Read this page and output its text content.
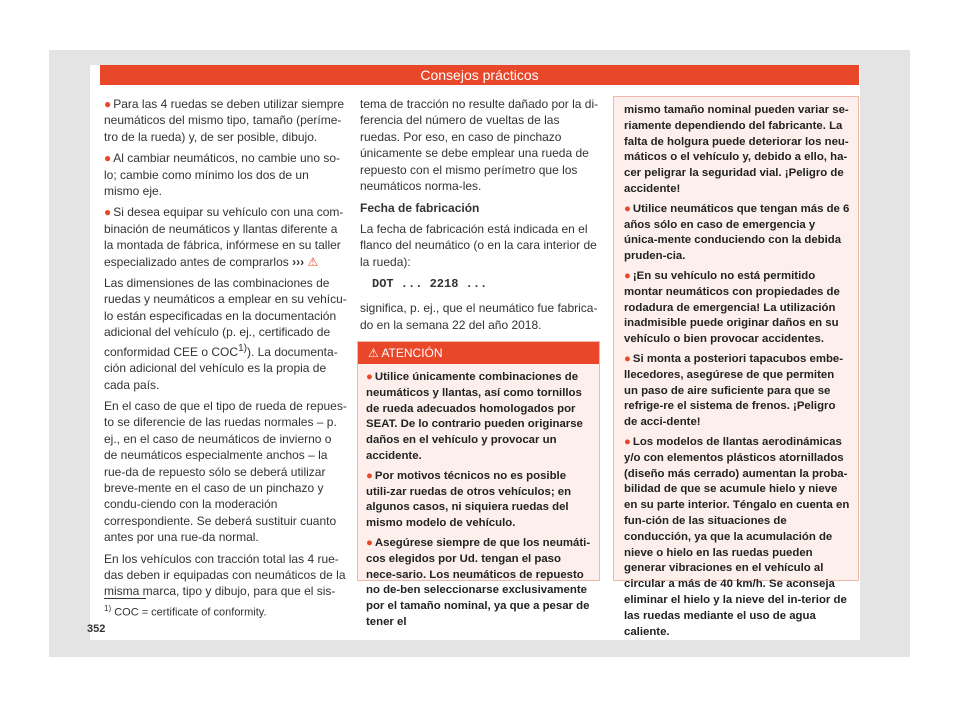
Consejos prácticos

● Para las 4 ruedas se deben utilizar siempre neumáticos del mismo tipo, tamaño (períme-tro de la rueda) y, de ser posible, dibujo.

● Al cambiar neumáticos, no cambie uno so-lo; cambie como mínimo los dos de un mismo eje.

● Si desea equipar su vehículo con una com-binación de neumáticos y llantas diferente a la montada de fábrica, infórmese en su taller especializado antes de comprarlos ››› ⚠

Las dimensiones de las combinaciones de ruedas y neumáticos a emplear en su vehícu-lo están especificadas en la documentación adicional del vehículo (p. ej., certificado de conformidad CEE o COC$^{1)}$). La documenta-ción adicional del vehículo es la propia de cada país.

En el caso de que el tipo de rueda de repues-to se diferencie de las ruedas normales – p. ej., en el caso de neumáticos de invierno o de neumáticos especialmente anchos – la rue-da de repuesto sólo se deberá utilizar breve-mente en el caso de un pinchazo y condu-ciendo con la moderación correspondiente. Se deberá sustituir cuanto antes por una rue-da normal.

En los vehículos con tracción total las 4 rue-das deben ir equipadas con neumáticos de la misma marca, tipo y dibujo, para que el sis-

tema de tracción no resulte dañado por la di-ferencia del número de vueltas de las ruedas. Por eso, en caso de pinchazo únicamente se debe emplear una rueda de repuesto con el mismo perímetro que los neumáticos norma-les.

Fecha de fabricación

La fecha de fabricación está indicada en el flanco del neumático (o en la cara interior de la rueda):

DOT ... 2218 ...

significa, p. ej., que el neumático fue fabrica-do en la semana 22 del año 2018.

⚠ ATENCIÓN

● Utilice únicamente combinaciones de neumáticos y llantas, así como tornillos de rueda adecuados homologados por SEAT. De lo contrario pueden originarse daños en el vehículo y provocar un accidente.

● Por motivos técnicos no es posible utili-zar ruedas de otros vehículos; en algunos casos, ni siquiera ruedas del mismo modelo de vehículo.

● Asegúrese siempre de que los neumáti-cos elegidos por Ud. tengan el paso nece-sario. Los neumáticos de repuesto no de-ben seleccionarse exclusivamente por el tamaño nominal, ya que a pesar de tener el

mismo tamaño nominal pueden variar se-riamente dependiendo del fabricante. La falta de holgura puede deteriorar los neu-máticos o el vehículo y, debido a ello, ha-cer peligrar la seguridad vial. ¡Peligro de accidente!

● Utilice neumáticos que tengan más de 6 años sólo en caso de emergencia y única-mente conduciendo con la debida pruden-cia.

● ¡En su vehículo no está permitido montar neumáticos con propiedades de rodadura de emergencia! La utilización inadmisible puede originar daños en su vehículo o bien provocar accidentes.

● Si monta a posteriori tapacubos embe-llecedores, asegúrese de que permiten un paso de aire suficiente para que se refrige-re el sistema de frenos. ¡Peligro de acci-dente!

● Los modelos de llantas aerodinámicas y/o con elementos plásticos atornillados (diseño más cerrado) aumentan la proba-bilidad de que se acumule hielo y nieve en su parte interior. Téngalo en cuenta en fun-ción de las situaciones de conducción, ya que la acumulación de nieve o hielo en las ruedas pueden generar vibraciones en el vehículo al circular a más de 40 km/h. Se aconseja eliminar el hielo y la nieve del in-terior de las ruedas mediante el uso de agua caliente.

$^{1)}$ COC = certificate of conformity.
352
